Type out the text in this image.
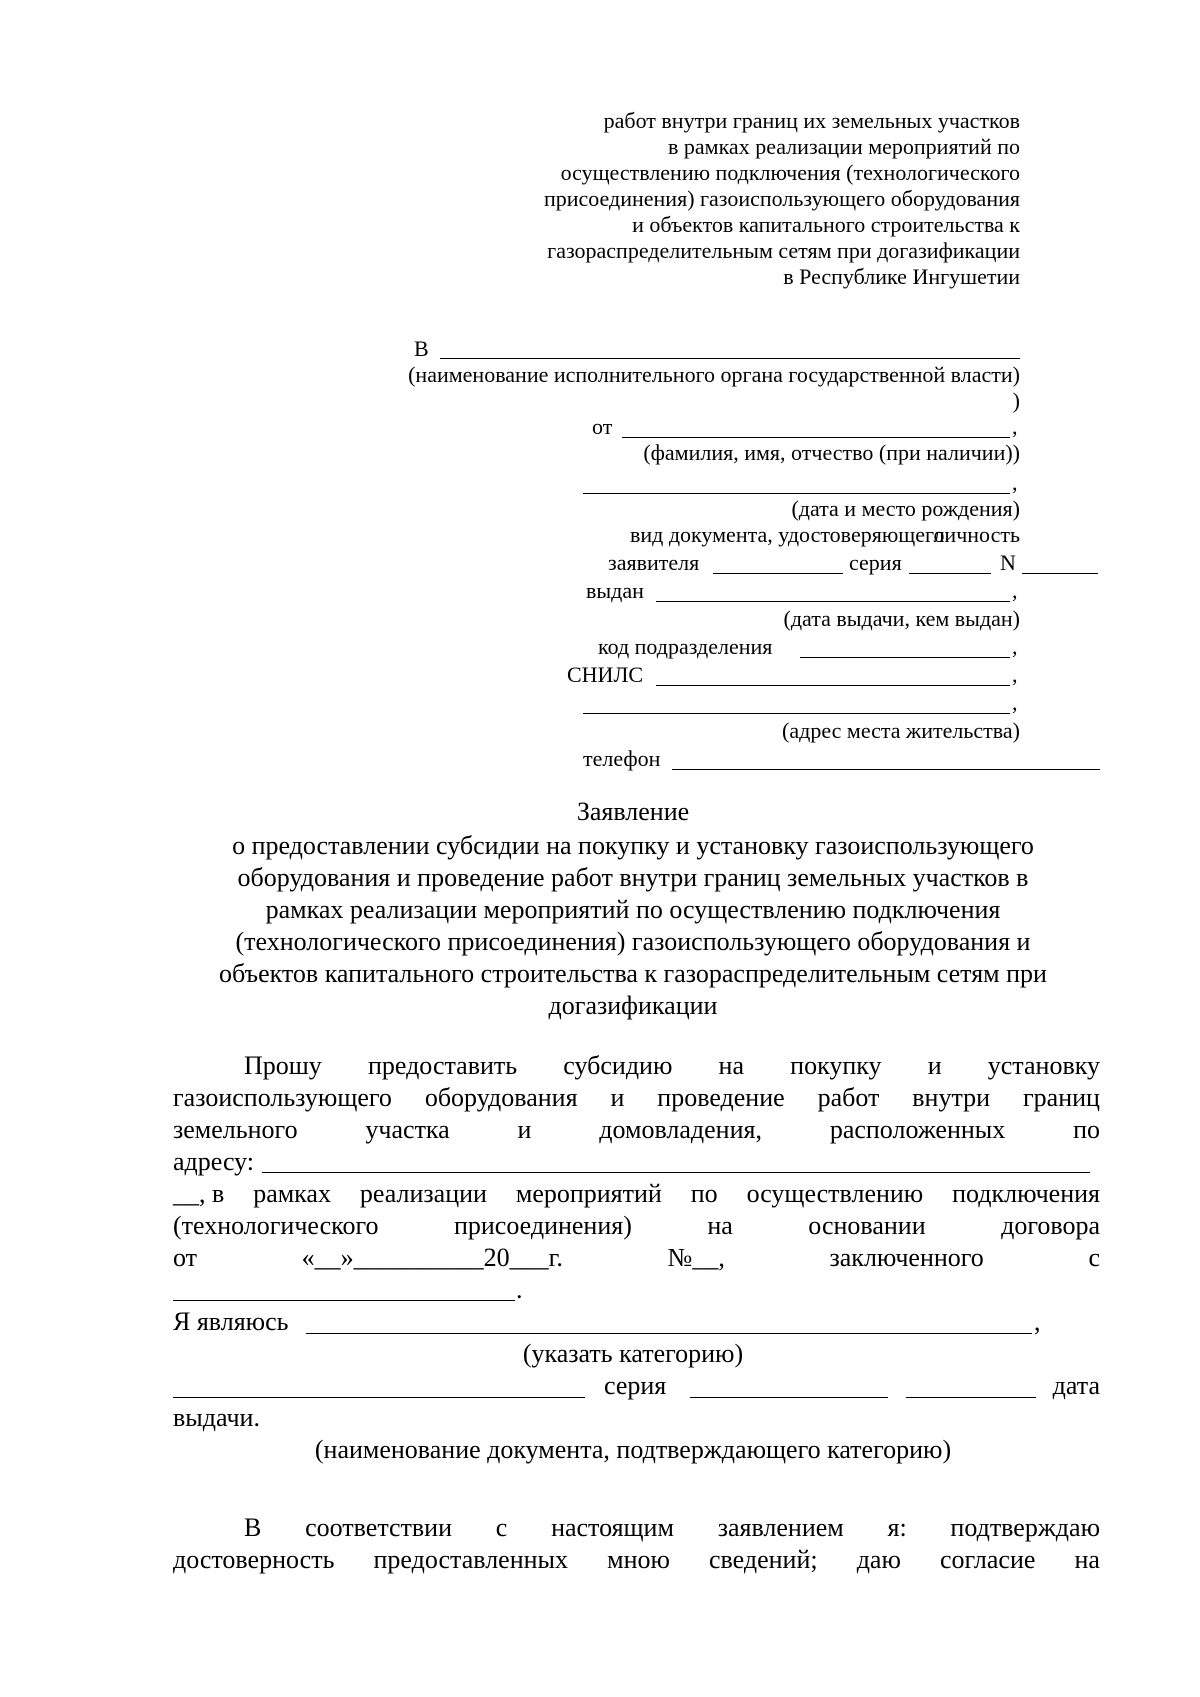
работ внутри границ их земельных участков
в рамках реализации мероприятий по
осуществлению подключения (технологического
присоединения) газоиспользующего оборудования
и объектов капитального строительства к
газораспределительным сетям при догазификации
в Республике Ингушетии
В
(наименование исполнительного органа государственной власти)
)
от	,
(фамилия, имя, отчество (при наличии))
,
(дата и место рождения)
вид документа, удостоверяющего
личность
заявителя	серия	N
выдан	,
(дата выдачи, кем выдан)
код подразделения	,
СНИЛС	,
,
(адрес места жительства)
телефон
Заявление
о предоставлении субсидии на покупку и установку газоиспользующего
оборудования и проведение работ внутри границ земельных участков в
рамках реализации мероприятий по осуществлению подключения
(технологического присоединения) газоиспользующего оборудования и
объектов капитального строительства к газораспределительным сетям при
догазификации
Прошу предоставить субсидию на покупку и установку
газоиспользующего оборудования и проведение работ внутри границ
земельного	участка	и	домовладения,	расположенных	по
адресу:
__, в рамках реализации мероприятий по осуществлению подключения
(технологического	присоединения)	на	основании	договора
от	«__»__________20___г.	№__,	заключенного	с
.
Я являюсь	,
(указать категорию)
серия	дата
выдачи.
(наименование документа, подтверждающего категорию)
В соответствии с настоящим заявлением я: подтверждаю
достоверность предоставленных мною сведений; даю согласие на
